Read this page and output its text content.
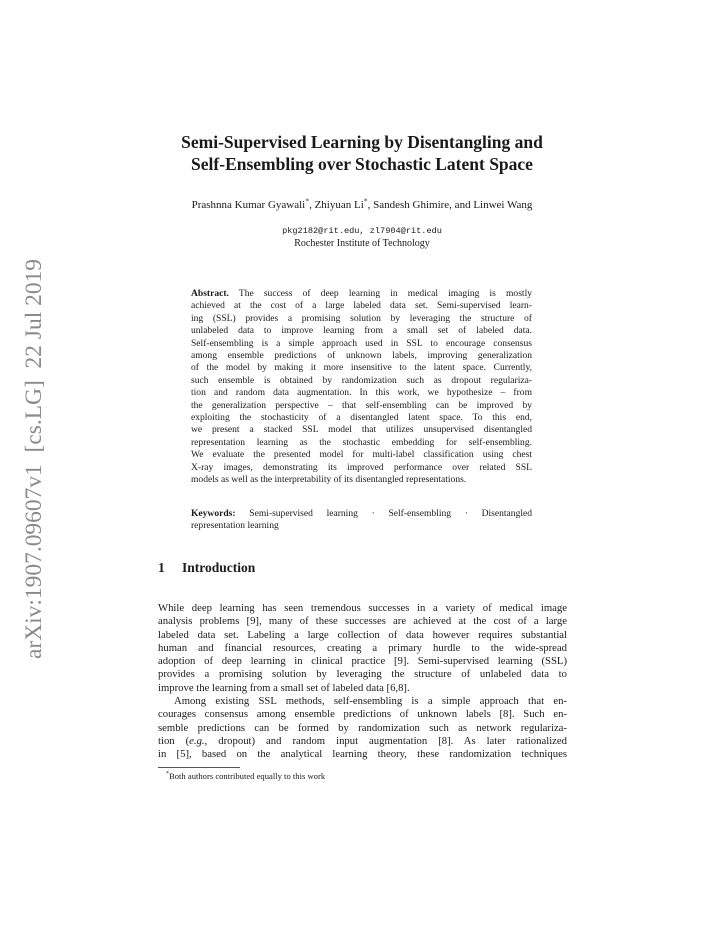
arXiv:1907.09607v1  [cs.LG]  22 Jul 2019
Semi-Supervised Learning by Disentangling and
Self-Ensembling over Stochastic Latent Space
Prashnna Kumar Gyawali*, Zhiyuan Li*, Sandesh Ghimire, and Linwei Wang
pkg2182@rit.edu, zl7904@rit.edu
Rochester Institute of Technology
Abstract. The success of deep learning in medical imaging is mostly
achieved at the cost of a large labeled data set. Semi-supervised learn-
ing (SSL) provides a promising solution by leveraging the structure of
unlabeled data to improve learning from a small set of labeled data.
Self-ensembling is a simple approach used in SSL to encourage consensus
among ensemble predictions of unknown labels, improving generalization
of the model by making it more insensitive to the latent space. Currently,
such ensemble is obtained by randomization such as dropout regulariza-
tion and random data augmentation. In this work, we hypothesize – from
the generalization perspective – that self-ensembling can be improved by
exploiting the stochasticity of a disentangled latent space. To this end,
we present a stacked SSL model that utilizes unsupervised disentangled
representation learning as the stochastic embedding for self-ensembling.
We evaluate the presented model for multi-label classification using chest
X-ray images, demonstrating its improved performance over related SSL
models as well as the interpretability of its disentangled representations.
Keywords: Semi-supervised learning · Self-ensembling · Disentangled
representation learning
1 Introduction
While deep learning has seen tremendous successes in a variety of medical image
analysis problems [9], many of these successes are achieved at the cost of a large
labeled data set. Labeling a large collection of data however requires substantial
human and financial resources, creating a primary hurdle to the wide-spread
adoption of deep learning in clinical practice [9]. Semi-supervised learning (SSL)
provides a promising solution by leveraging the structure of unlabeled data to
improve the learning from a small set of labeled data [6,8].
Among existing SSL methods, self-ensembling is a simple approach that en-
courages consensus among ensemble predictions of unknown labels [8]. Such en-
semble predictions can be formed by randomization such as network regulariza-
tion (e.g., dropout) and random input augmentation [8]. As later rationalized
in [5], based on the analytical learning theory, these randomization techniques
*Both authors contributed equally to this work
